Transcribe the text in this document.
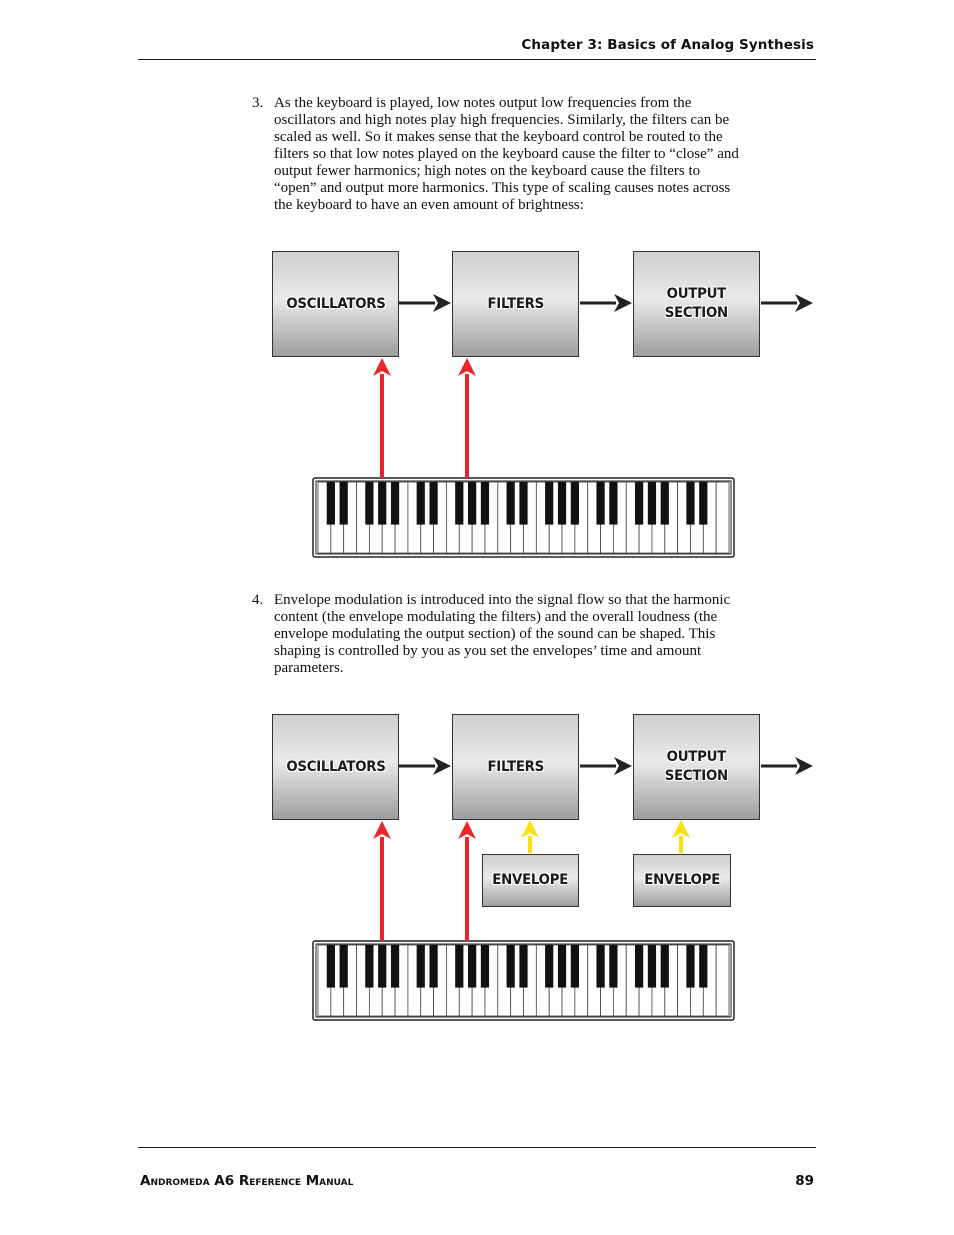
Chapter 3: Basics of Analog Synthesis
3. As the keyboard is played, low notes output low frequencies from the
oscillators and high notes play high frequencies. Similarly, the filters can be
scaled as well. So it makes sense that the keyboard control be routed to the
filters so that low notes played on the keyboard cause the filter to “close” and
output fewer harmonics; high notes on the keyboard cause the filters to
“open” and output more harmonics. This type of scaling causes notes across
the keyboard to have an even amount of brightness:
4. Envelope modulation is introduced into the signal flow so that the harmonic
content (the envelope modulating the filters) and the overall loudness (the
envelope modulating the output section) of the sound can be shaped. This
shaping is controlled by you as you set the envelopes’ time and amount
parameters.
OSCILLATORS	FILTERS
OUTPUT
SECTION
OSCILLATORS	FILTERS
OUTPUT
SECTION
ENVELOPE	ENVELOPE
Andromeda A6 Reference Manual	89
